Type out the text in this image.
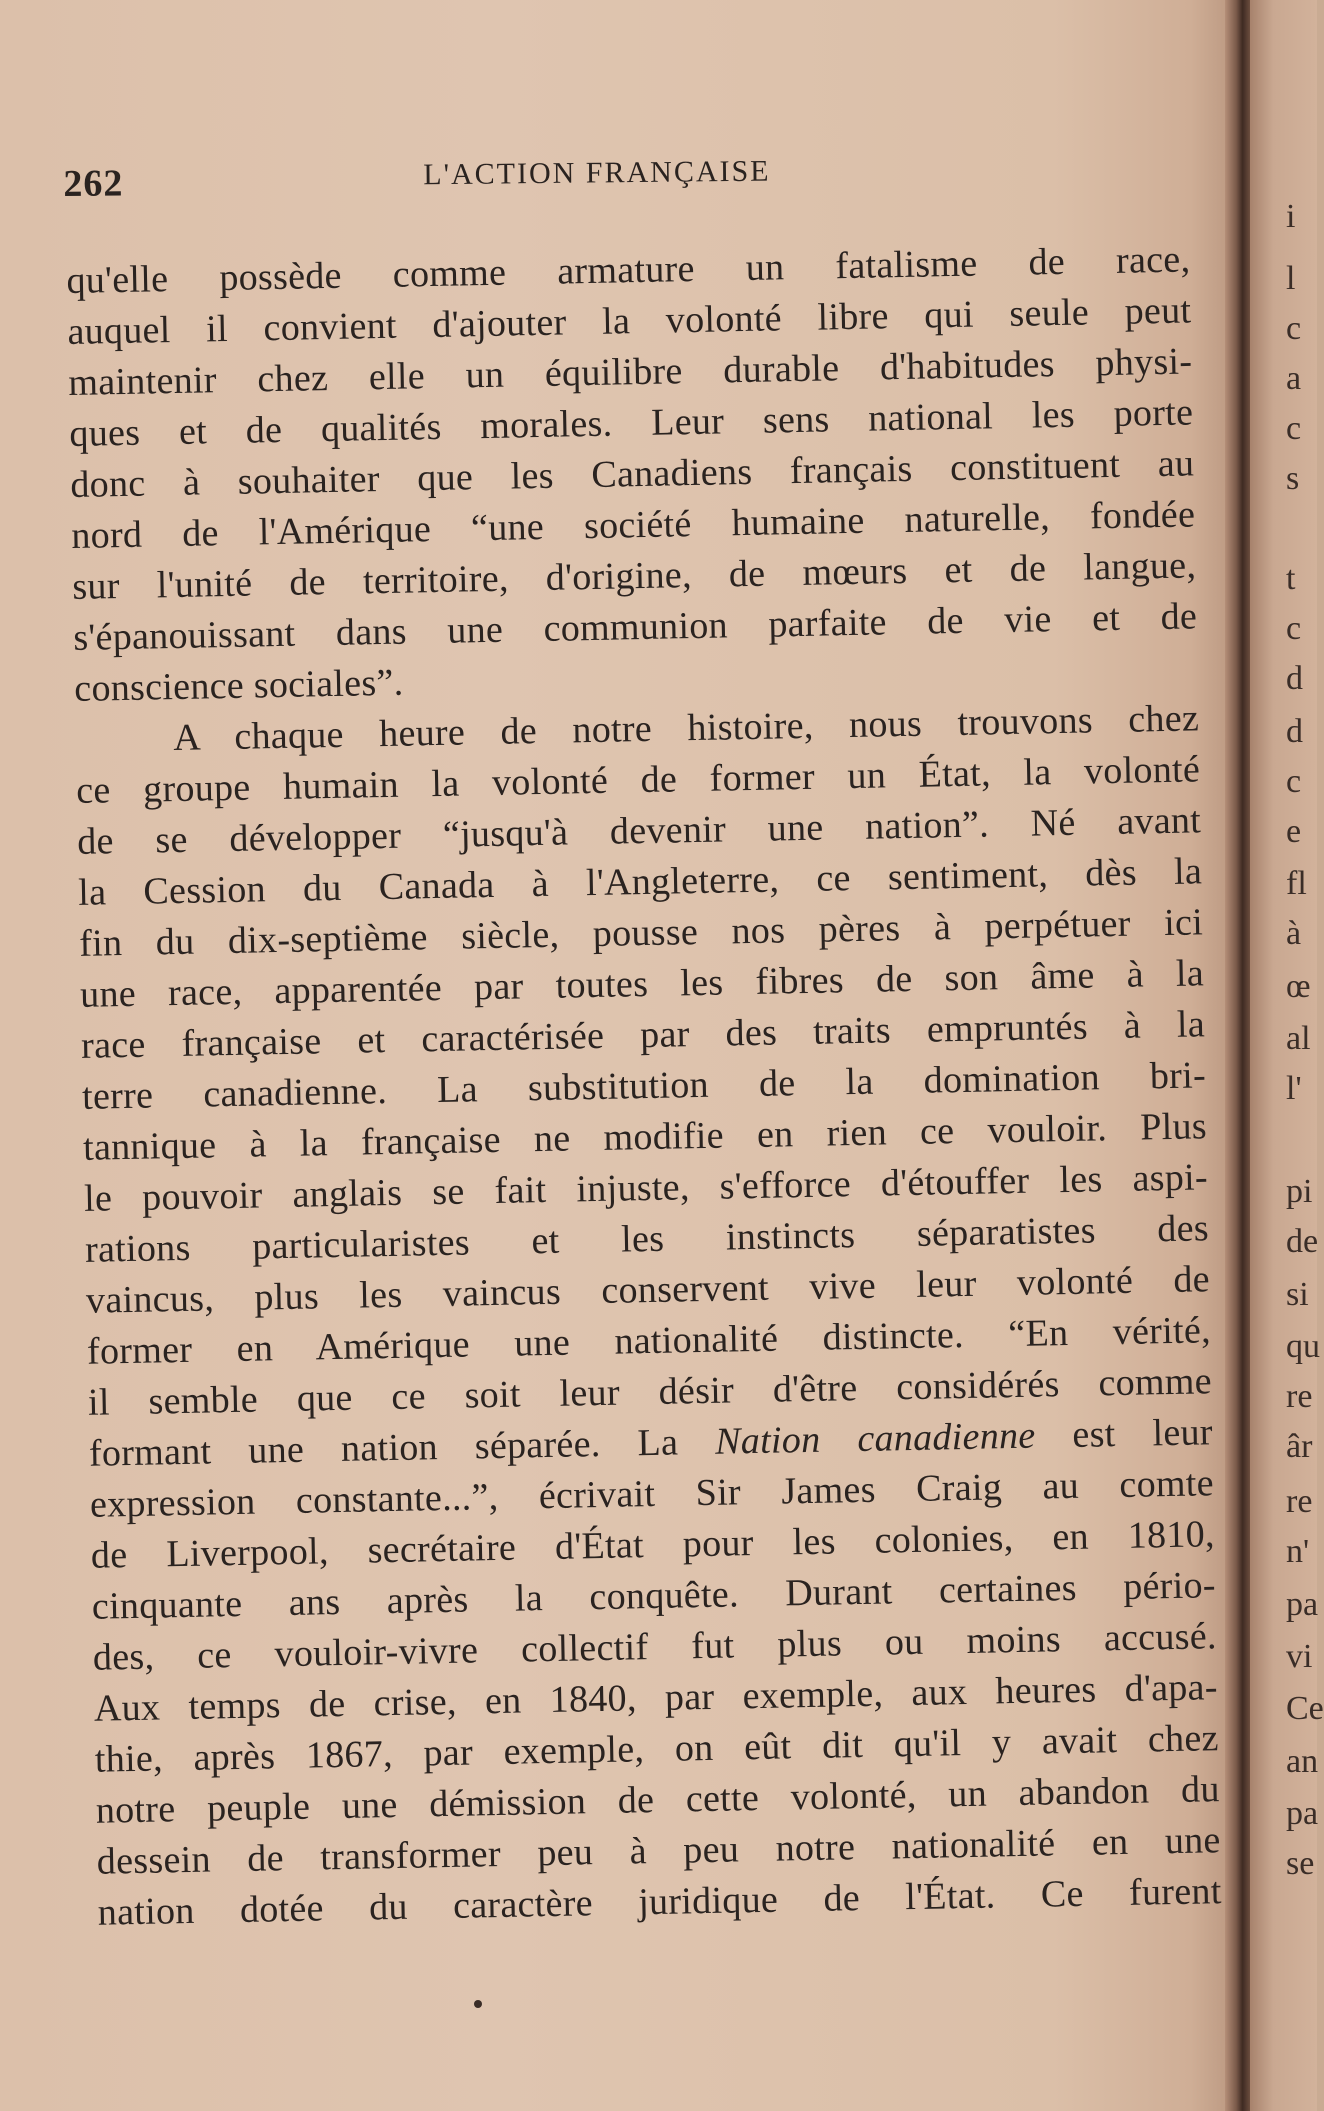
262	L'ACTION FRANÇAISE
qu'elle possède comme armature un fatalisme de race,
auquel il convient d'ajouter la volonté libre qui seule peut
maintenir chez elle un équilibre durable d'habitudes physi-
ques et de qualités morales. Leur sens national les porte
donc à souhaiter que les Canadiens français constituent au
nord de l'Amérique “une société humaine naturelle, fondée
sur l'unité de territoire, d'origine, de mœurs et de langue,
s'épanouissant dans une communion parfaite de vie et de
conscience sociales”.
A chaque heure de notre histoire, nous trouvons chez
ce groupe humain la volonté de former un État, la volonté
de se développer “jusqu'à devenir une nation”. Né avant
la Cession du Canada à l'Angleterre, ce sentiment, dès la
fin du dix-septième siècle, pousse nos pères à perpétuer ici
une race, apparentée par toutes les fibres de son âme à la
race française et caractérisée par des traits empruntés à la
terre canadienne. La substitution de la domination bri-
tannique à la française ne modifie en rien ce vouloir. Plus
le pouvoir anglais se fait injuste, s'efforce d'étouffer les aspi-
rations particularistes et les instincts séparatistes des
vaincus, plus les vaincus conservent vive leur volonté de
former en Amérique une nationalité distincte. “En vérité,
il semble que ce soit leur désir d'être considérés comme
formant une nation séparée. La Nation canadienne est leur
expression constante...”, écrivait Sir James Craig au comte
de Liverpool, secrétaire d'État pour les colonies, en 1810,
cinquante ans après la conquête. Durant certaines pério-
des, ce vouloir-vivre collectif fut plus ou moins accusé.
Aux temps de crise, en 1840, par exemple, aux heures d'apa-
thie, après 1867, par exemple, on eût dit qu'il y avait chez
notre peuple une démission de cette volonté, un abandon du
dessein de transformer peu à peu notre nationalité en une
nation dotée du caractère juridique de l'État. Ce furent
i
l
c
a
c
s
t
c
d
d
c
e
fl
à
œ
al
l'
pi
de
si
qu
re
âr
re
n'
pa
vi
Ce
an
pa
se
